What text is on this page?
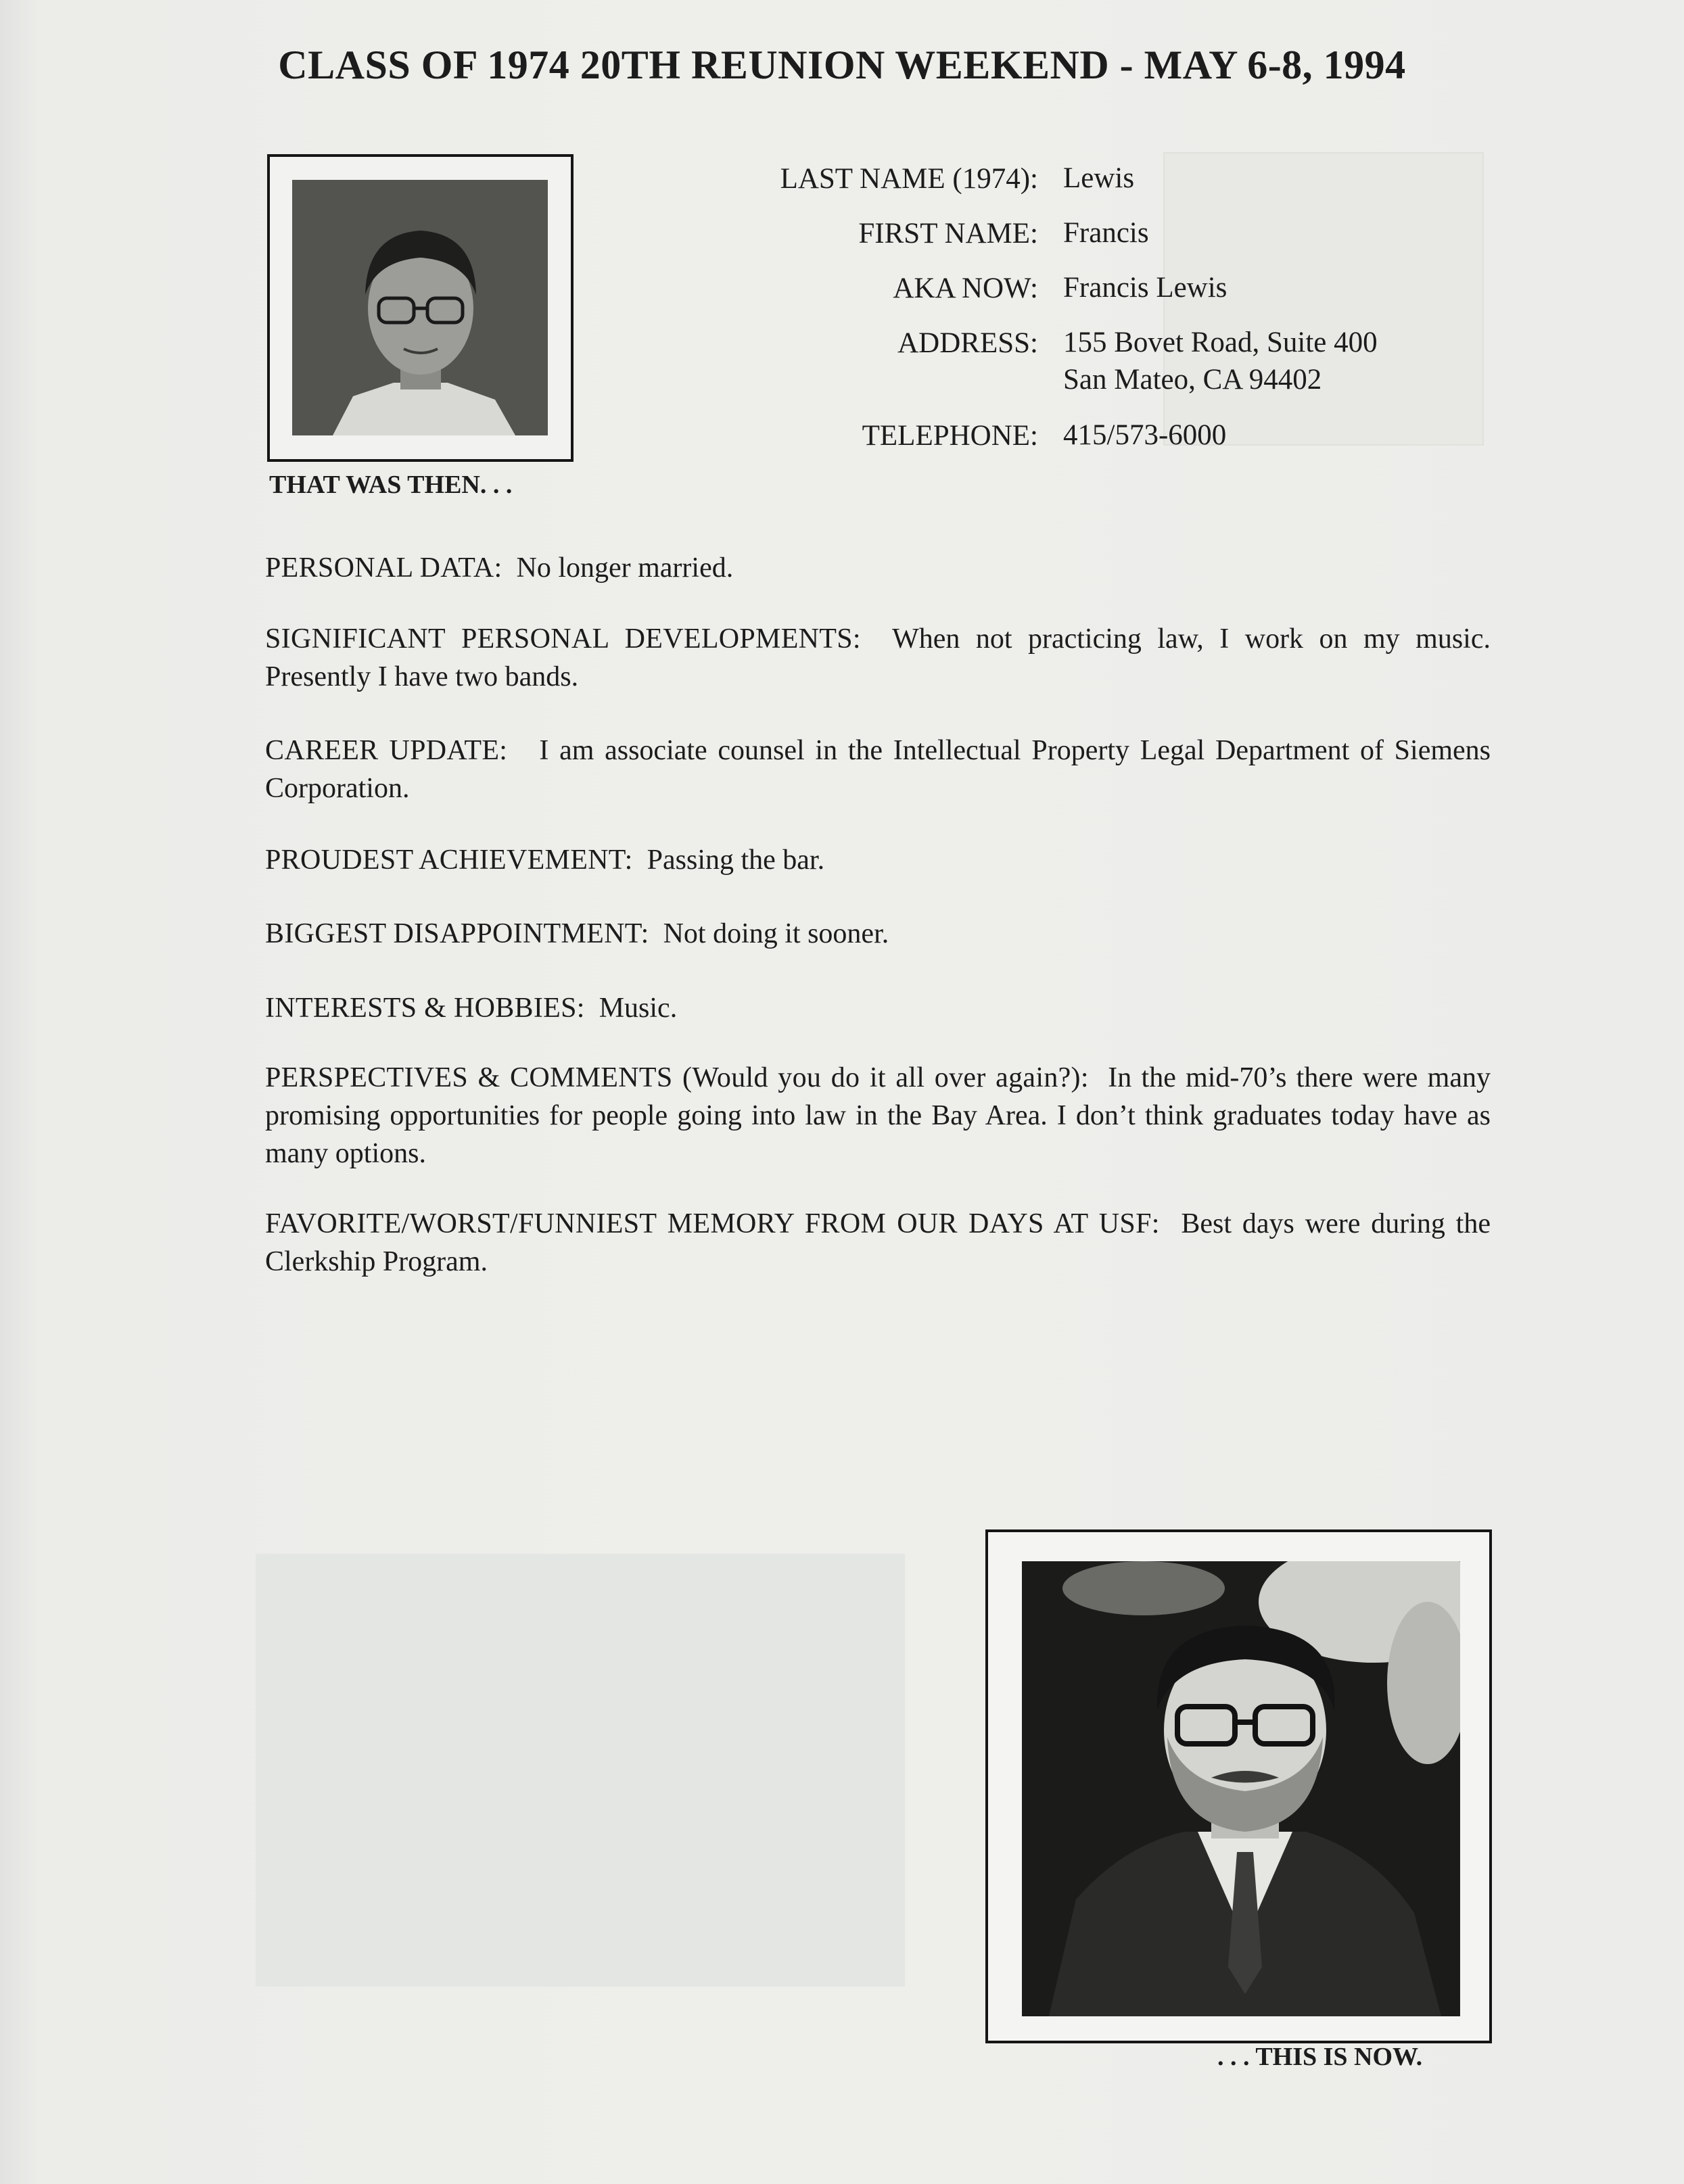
CLASS OF 1974 20TH REUNION WEEKEND - MAY 6-8, 1994
THAT WAS THEN. . .
LAST NAME (1974): Lewis
FIRST NAME: Francis
AKA NOW: Francis Lewis
ADDRESS: 155 Bovet Road, Suite 400
San Mateo, CA 94402
TELEPHONE: 415/573-6000
PERSONAL DATA: No longer married.
SIGNIFICANT PERSONAL DEVELOPMENTS: When not practicing law, I work on my music. Presently I have two bands.
CAREER UPDATE: I am associate counsel in the Intellectual Property Legal Department of Siemens Corporation.
PROUDEST ACHIEVEMENT: Passing the bar.
BIGGEST DISAPPOINTMENT: Not doing it sooner.
INTERESTS & HOBBIES: Music.
PERSPECTIVES & COMMENTS (Would you do it all over again?): In the mid-70’s there were many promising opportunities for people going into law in the Bay Area. I don’t think graduates today have as many options.
FAVORITE/WORST/FUNNIEST MEMORY FROM OUR DAYS AT USF: Best days were during the Clerkship Program.
. . . THIS IS NOW.
